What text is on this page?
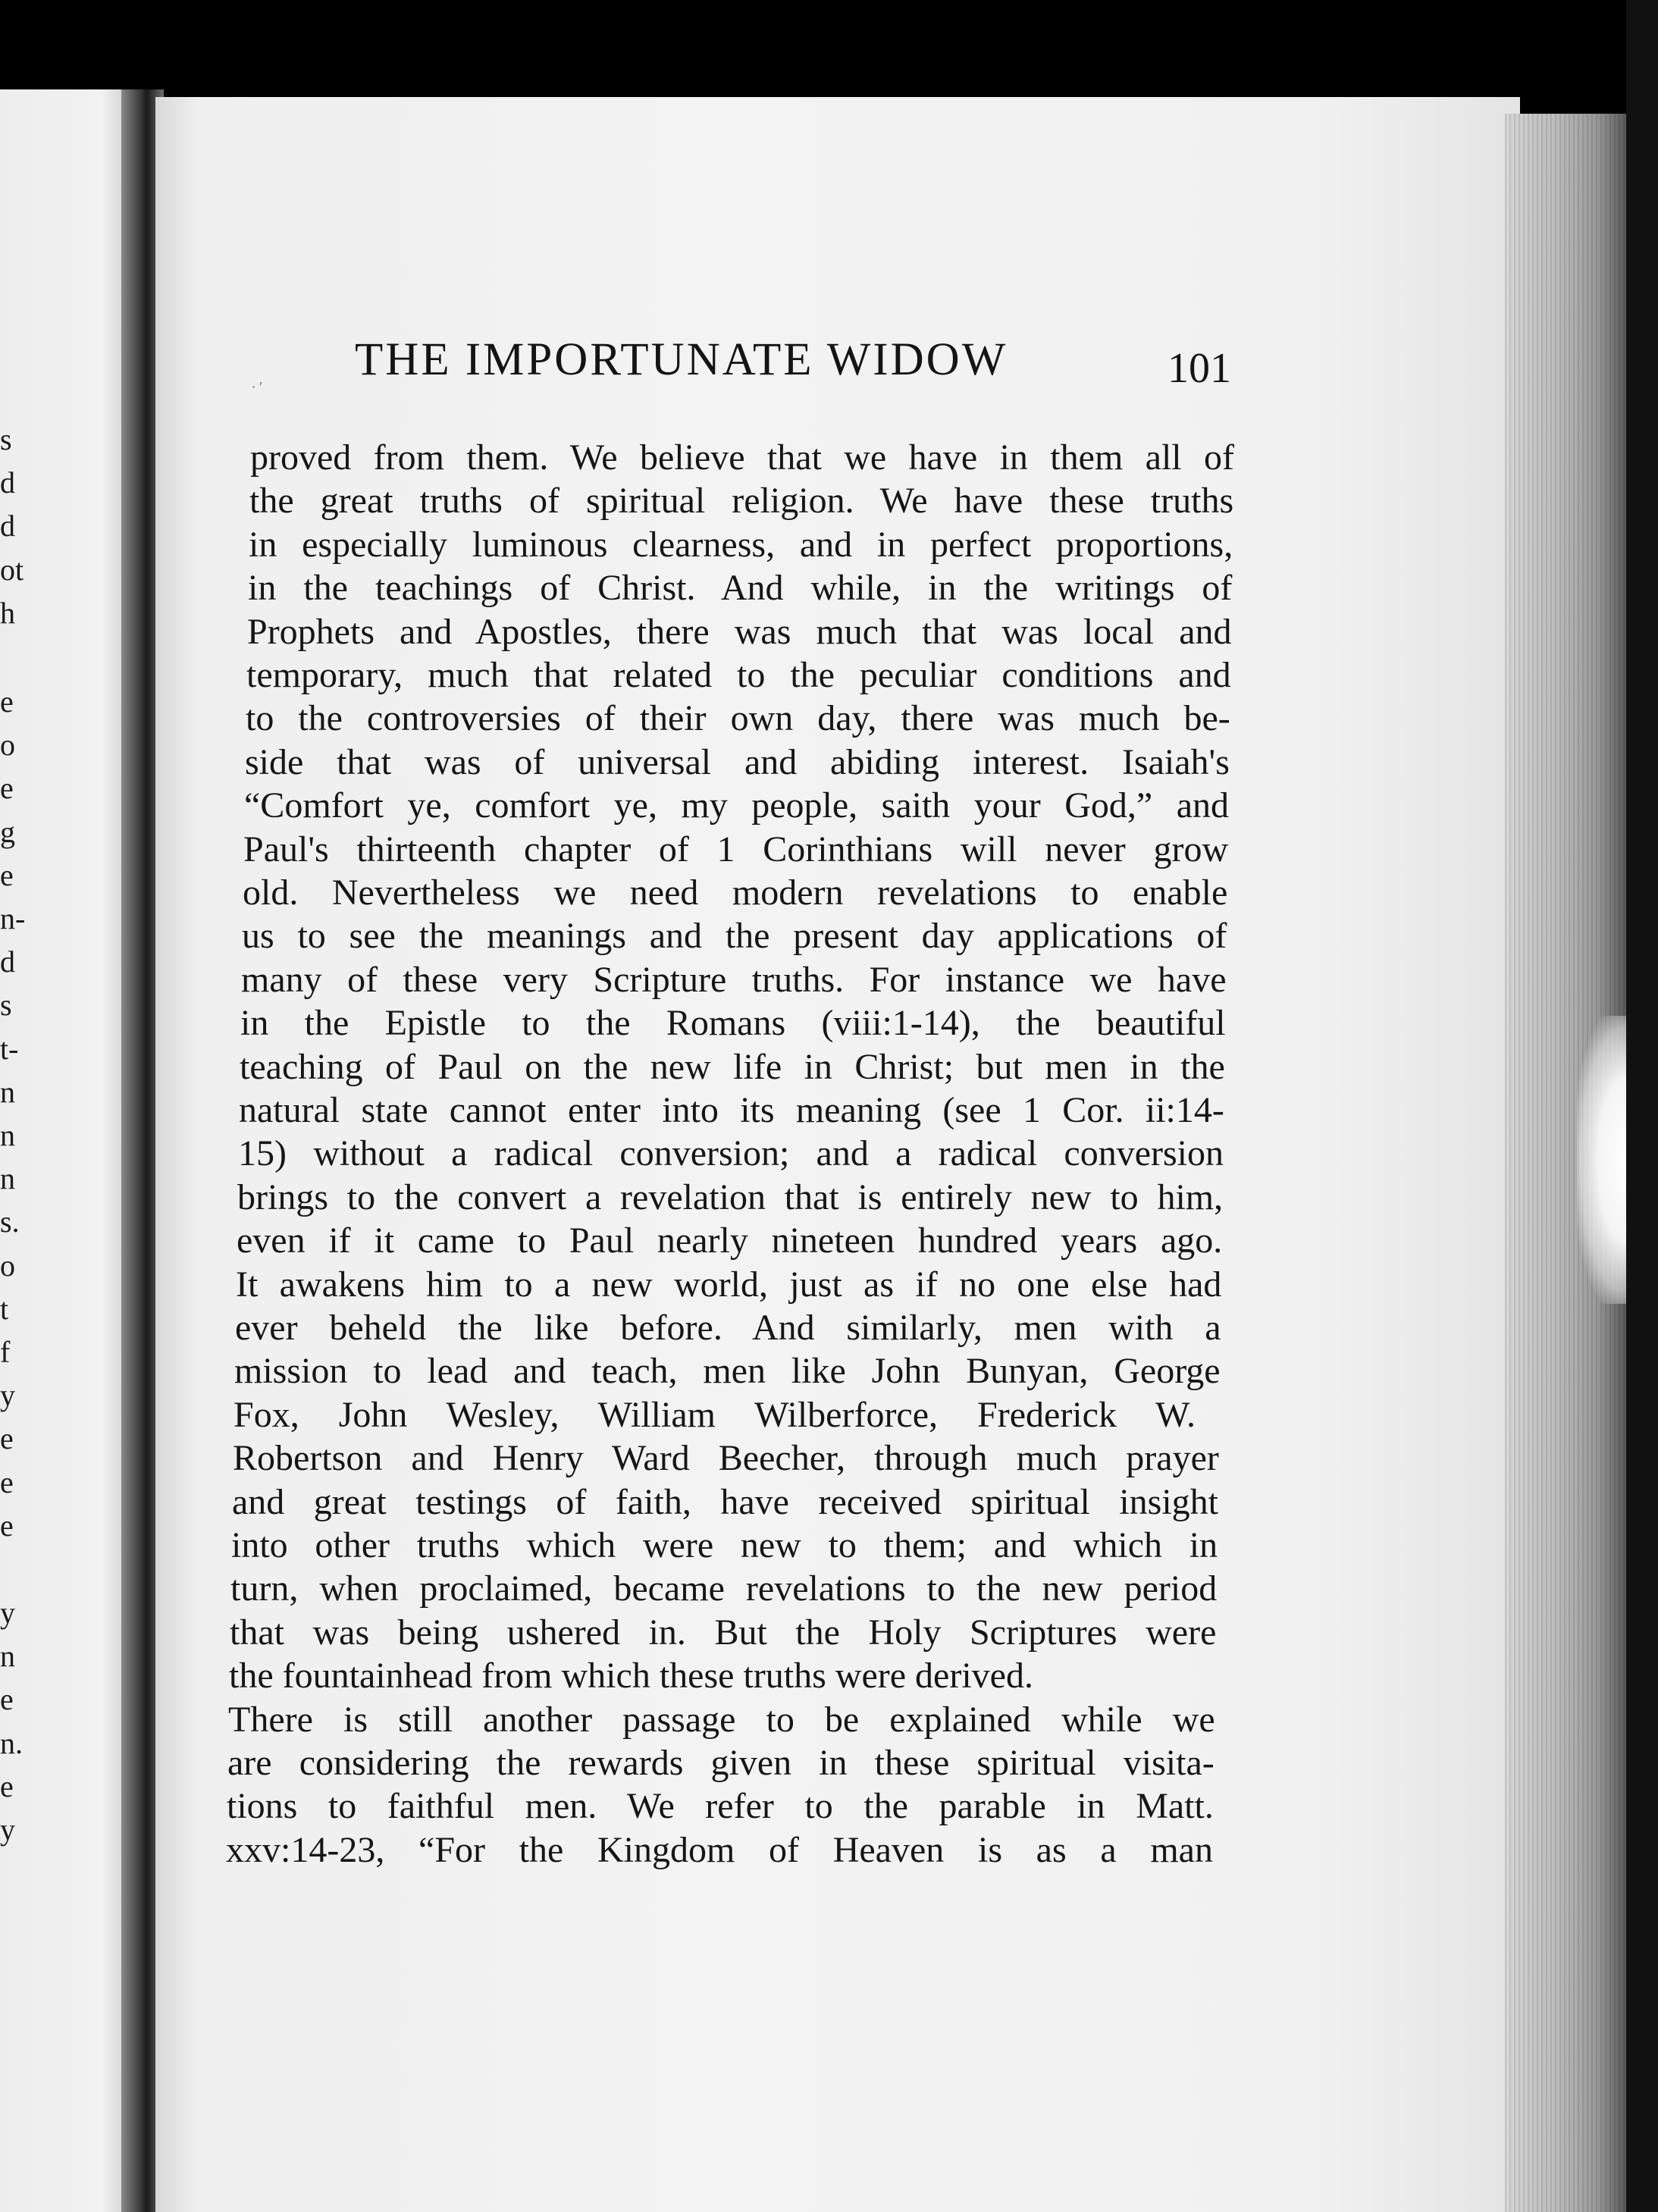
s
d
d
ot
h
e
o
e
g
e
n-
d
s
t-
n
n
n
s.
o
t
f
y
e
e
e
y
n
e
n.
e
y
∙ ′
THE IMPORTUNATE WIDOW	101
proved from them. We believe that we have in them all of
the great truths of spiritual religion. We have these truths
in especially luminous clearness, and in perfect proportions,
in the teachings of Christ. And while, in the writings of
Prophets and Apostles, there was much that was local and
temporary, much that related to the peculiar conditions and
to the controversies of their own day, there was much be-
side that was of universal and abiding interest. Isaiah's
“Comfort ye, comfort ye, my people, saith your God,” and
Paul's thirteenth chapter of 1 Corinthians will never grow
old. Nevertheless we need modern revelations to enable
us to see the meanings and the present day applications of
many of these very Scripture truths. For instance we have
in the Epistle to the Romans (viii:1-14), the beautiful
teaching of Paul on the new life in Christ; but men in the
natural state cannot enter into its meaning (see 1 Cor. ii:14-
15) without a radical conversion; and a radical conversion
brings to the convert a revelation that is entirely new to him,
even if it came to Paul nearly nineteen hundred years ago.
It awakens him to a new world, just as if no one else had
ever beheld the like before. And similarly, men with a
mission to lead and teach, men like John Bunyan, George
Fox, John Wesley, William Wilberforce, Frederick W.
Robertson and Henry Ward Beecher, through much prayer
and great testings of faith, have received spiritual insight
into other truths which were new to them; and which in
turn, when proclaimed, became revelations to the new period
that was being ushered in. But the Holy Scriptures were
the fountainhead from which these truths were derived.
There is still another passage to be explained while we
are considering the rewards given in these spiritual visita-
tions to faithful men. We refer to the parable in Matt.
xxv:14-23, “For the Kingdom of Heaven is as a man
